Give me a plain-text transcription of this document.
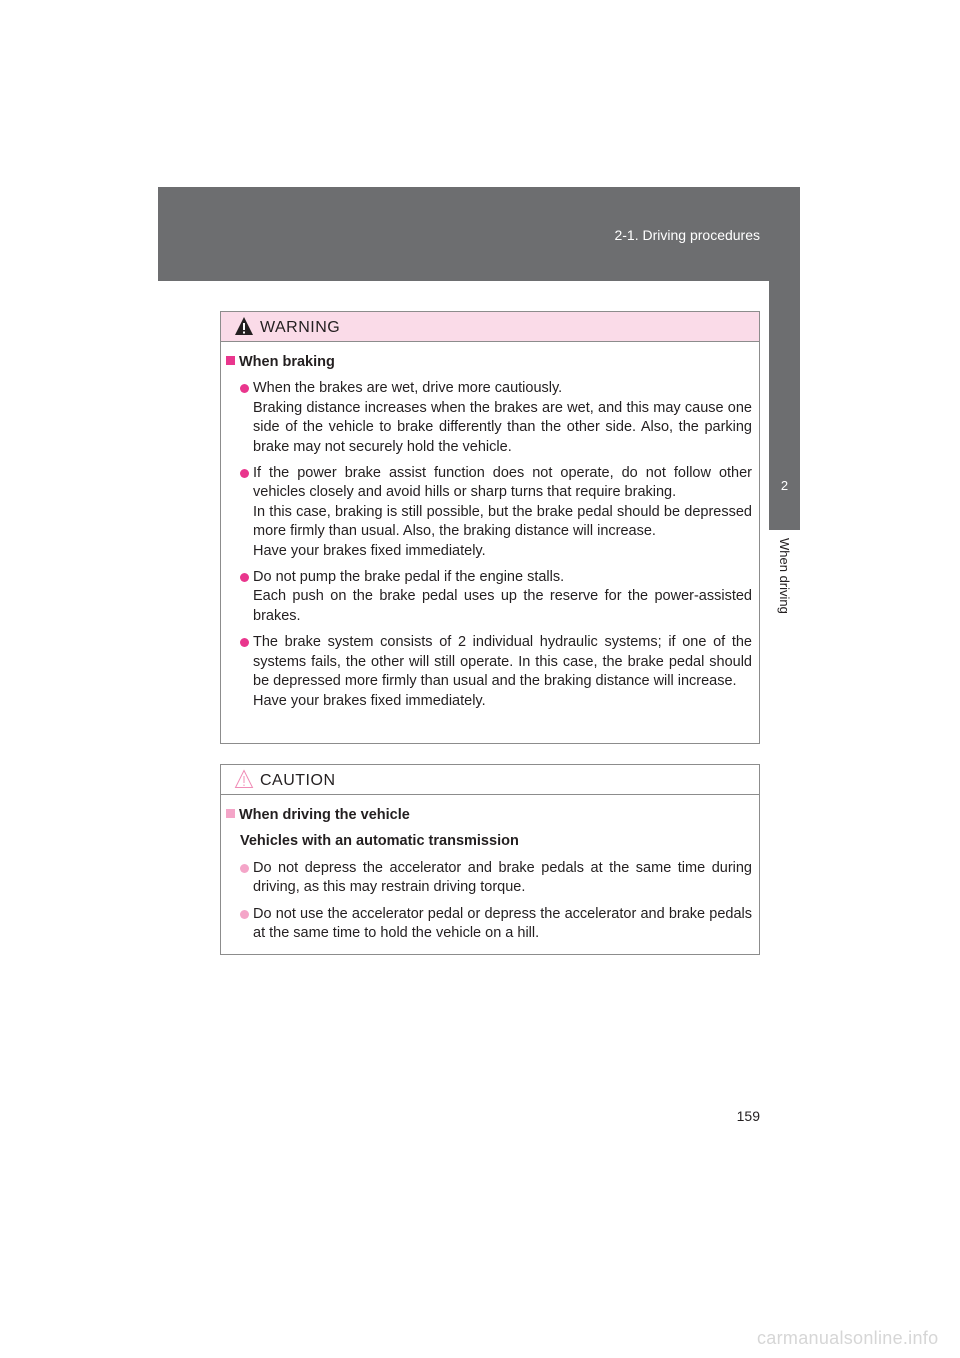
2-1. Driving procedures
2
When driving
WARNING
When braking

When the brakes are wet, drive more cautiously.

Braking distance increases when the brakes are wet, and this may cause one side of the vehicle to brake differently than the other side. Also, the parking brake may not securely hold the vehicle.

If the power brake assist function does not operate, do not follow other vehicles closely and avoid hills or sharp turns that require braking.

In this case, braking is still possible, but the brake pedal should be depressed more firmly than usual. Also, the braking distance will increase.

Have your brakes fixed immediately.

Do not pump the brake pedal if the engine stalls.

Each push on the brake pedal uses up the reserve for the power-assisted brakes.

The brake system consists of 2 individual hydraulic systems; if one of the systems fails, the other will still operate. In this case, the brake pedal should be depressed more firmly than usual and the braking distance will increase.

Have your brakes fixed immediately.

CAUTION
When driving the vehicle
Vehicles with an automatic transmission

Do not depress the accelerator and brake pedals at the same time during driving, as this may restrain driving torque.

Do not use the accelerator pedal or depress the accelerator and brake pedals at the same time to hold the vehicle on a hill.

159
carmanualsonline.info
